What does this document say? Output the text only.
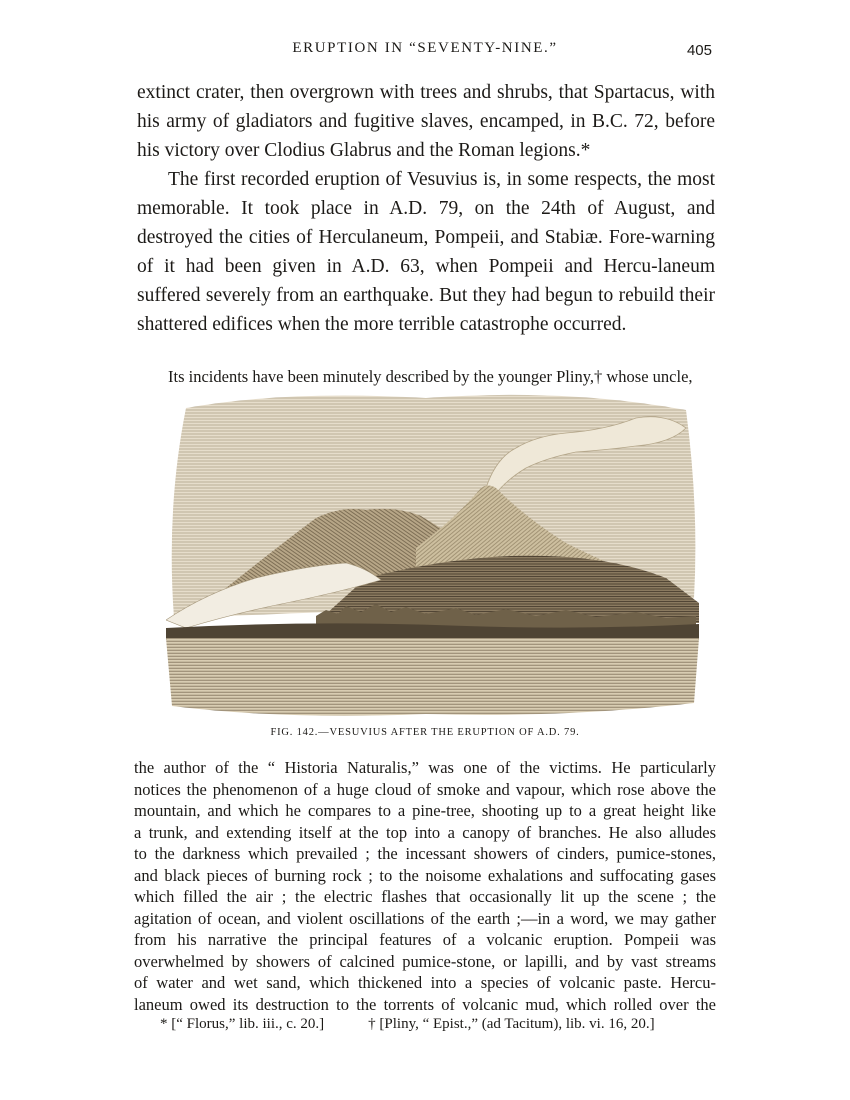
ERUPTION IN “SEVENTY-NINE.”	405

extinct crater, then overgrown with trees and shrubs, that Spartacus, with his army of gladiators and fugitive slaves, encamped, in B.C. 72, before his victory over Clodius Glabrus and the Roman legions.*

The first recorded eruption of Vesuvius is, in some respects, the most memorable. It took place in A.D. 79, on the 24th of August, and destroyed the cities of Herculaneum, Pompeii, and Stabiæ. Fore-warning of it had been given in A.D. 63, when Pompeii and Hercu-laneum suffered severely from an earthquake. But they had begun to rebuild their shattered edifices when the more terrible catastrophe occurred.

Its incidents have been minutely described by the younger Pliny,† whose uncle,
FIG. 142.—VESUVIUS AFTER THE ERUPTION OF A.D. 79.

the author of the “ Historia Naturalis,” was one of the victims. He particularly

notices the phenomenon of a huge cloud of smoke and vapour, which rose above the

mountain, and which he compares to a pine-tree, shooting up to a great height like

a trunk, and extending itself at the top into a canopy of branches. He also alludes

to the darkness which prevailed ; the incessant showers of cinders, pumice-stones,

and black pieces of burning rock ; to the noisome exhalations and suffocating gases

which filled the air ; the electric flashes that occasionally lit up the scene ; the

agitation of ocean, and violent oscillations of the earth ;—in a word, we may gather

from his narrative the principal features of a volcanic eruption. Pompeii was

overwhelmed by showers of calcined pumice-stone, or lapilli, and by vast streams

of water and wet sand, which thickened into a species of volcanic paste. Hercu-

laneum owed its destruction to the torrents of volcanic mud, which rolled over the

* [“ Florus,” lib. iii., c. 20.]	† [Pliny, “ Epist.,” (ad Tacitum), lib. vi. 16, 20.]
